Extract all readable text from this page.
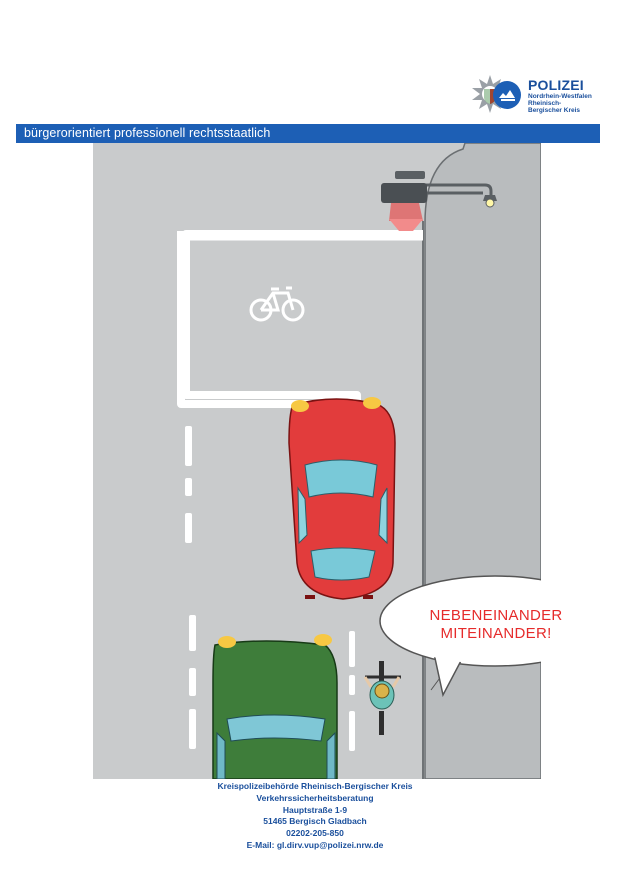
POLIZEI
Nordrhein-Westfalen
Rheinisch-
Bergischer Kreis
bürgerorientiert professionell rechtsstaatlich
NEBENEINANDER
MITEINANDER!
Kreispolizeibehörde Rheinisch-Bergischer Kreis
Verkehrssicherheitsberatung
Hauptstraße 1-9
51465 Bergisch Gladbach
02202-205-850
E-Mail: gl.dirv.vup@polizei.nrw.de
